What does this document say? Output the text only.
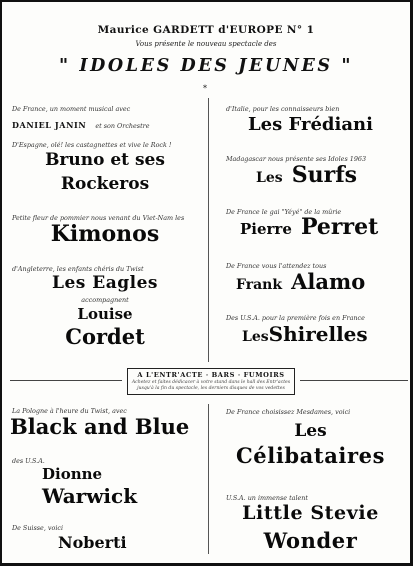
Maurice GARDETT d'EUROPE N° 1
Vous présente le nouveau spectacle des
" IDOLES DES JEUNES "
*
De France, un moment musical avec
DANIEL JANIN et son Orchestre
D'Espagne, olé! les castagnettes et vive le Rock !
Bruno et ses
Rockeros
Petite fleur de pommier nous venant du Viet-Nam les
Kimonos
d'Angleterre, les enfants chéris du Twist
Les Eagles
accompagnent
Louise
Cordet
La Pologne à l'heure du Twist, avec
Black and Blue
des U.S.A.
Dionne
Warwick
De Suisse, voici
Noberti
d'Italie, pour les connaisseurs bien
Les Frédiani
Madagascar nous présente ses Idoles 1963
Les Surfs
De France le gai "Yéyé" de la mûrie
Pierre Perret
De France vous l'attendez tous
Frank Alamo
Des U.S.A. pour la première fois en France
LesShirelles
De France choisissez Mesdames, voici
Les
Célibataires
U.S.A. un immense talent
Little Stevie
Wonder
A L'ENTR'ACTE · BARS · FUMOIRS
Achetez et faites dédicacer à votre stand dans le hall des Entr'actes
jusqu'à la fin du spectacle, les derniers disques de vos vedettes
